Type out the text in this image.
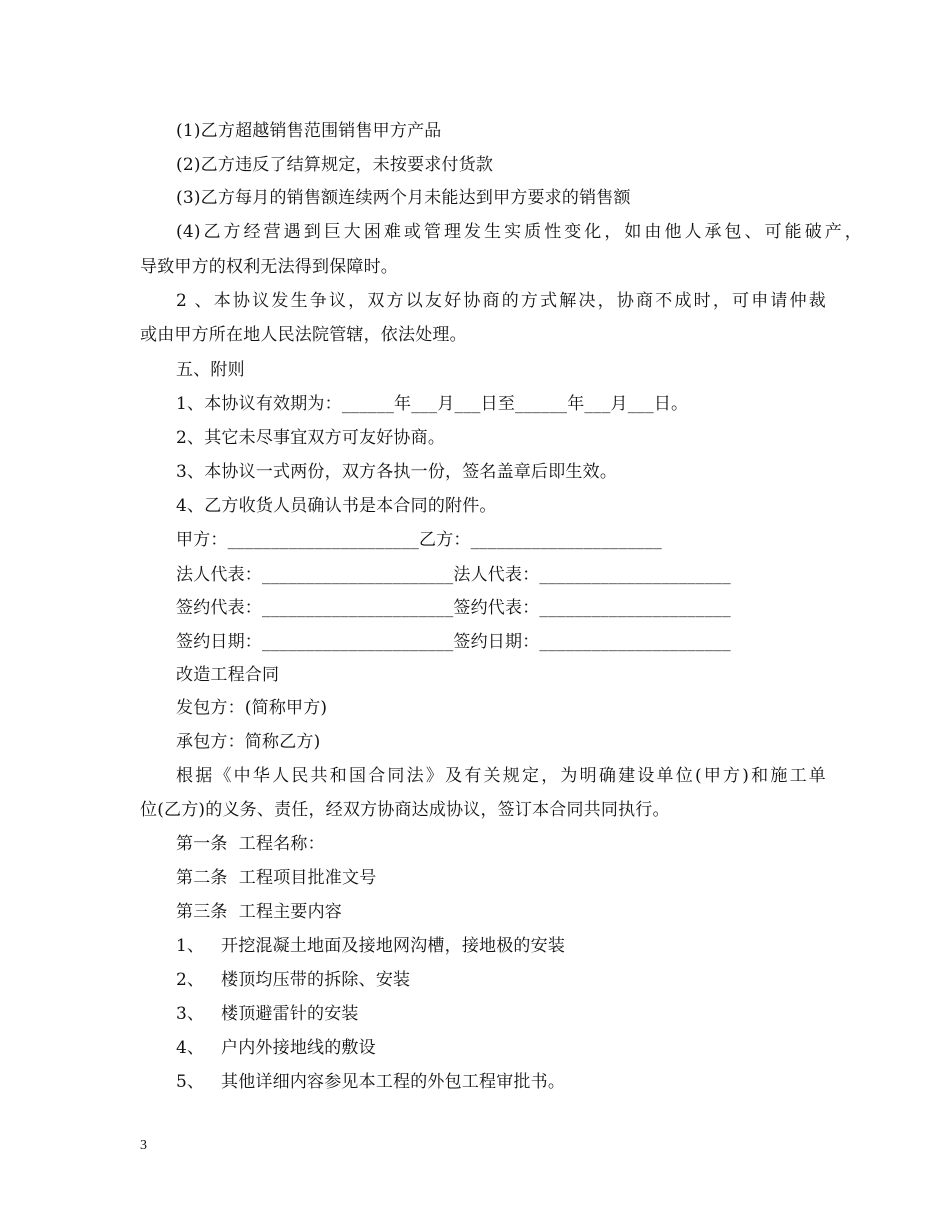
(1)乙方超越销售范围销售甲方产品
(2)乙方违反了结算规定，未按要求付货款
(3)乙方每月的销售额连续两个月未能达到甲方要求的销售额
(4)乙方经营遇到巨大困难或管理发生实质性变化，如由他人承包、可能破产，
导致甲方的权利无法得到保障时。
2 、本协议发生争议，双方以友好协商的方式解决，协商不成时，可申请仲裁
或由甲方所在地人民法院管辖，依法处理。
五、附则
1、本协议有效期为：______年___月___日至______年___月___日。
2、其它未尽事宜双方可友好协商。
3、本协议一式两份，双方各执一份，签名盖章后即生效。
4、乙方收货人员确认书是本合同的附件。
甲方：______________________乙方：______________________
法人代表：______________________法人代表：______________________
签约代表：______________________签约代表：______________________
签约日期：______________________签约日期：______________________
改造工程合同
发包方：(简称甲方)
承包方：简称乙方)
根据《中华人民共和国合同法》及有关规定，为明确建设单位(甲方)和施工单
位(乙方)的义务、责任，经双方协商达成协议，签订本合同共同执行。
第一条  工程名称：
第二条  工程项目批准文号
第三条  工程主要内容
1、   开挖混凝土地面及接地网沟槽，接地极的安装
2、   楼顶均压带的拆除、安装
3、   楼顶避雷针的安装
4、   户内外接地线的敷设
5、   其他详细内容参见本工程的外包工程审批书。
3
